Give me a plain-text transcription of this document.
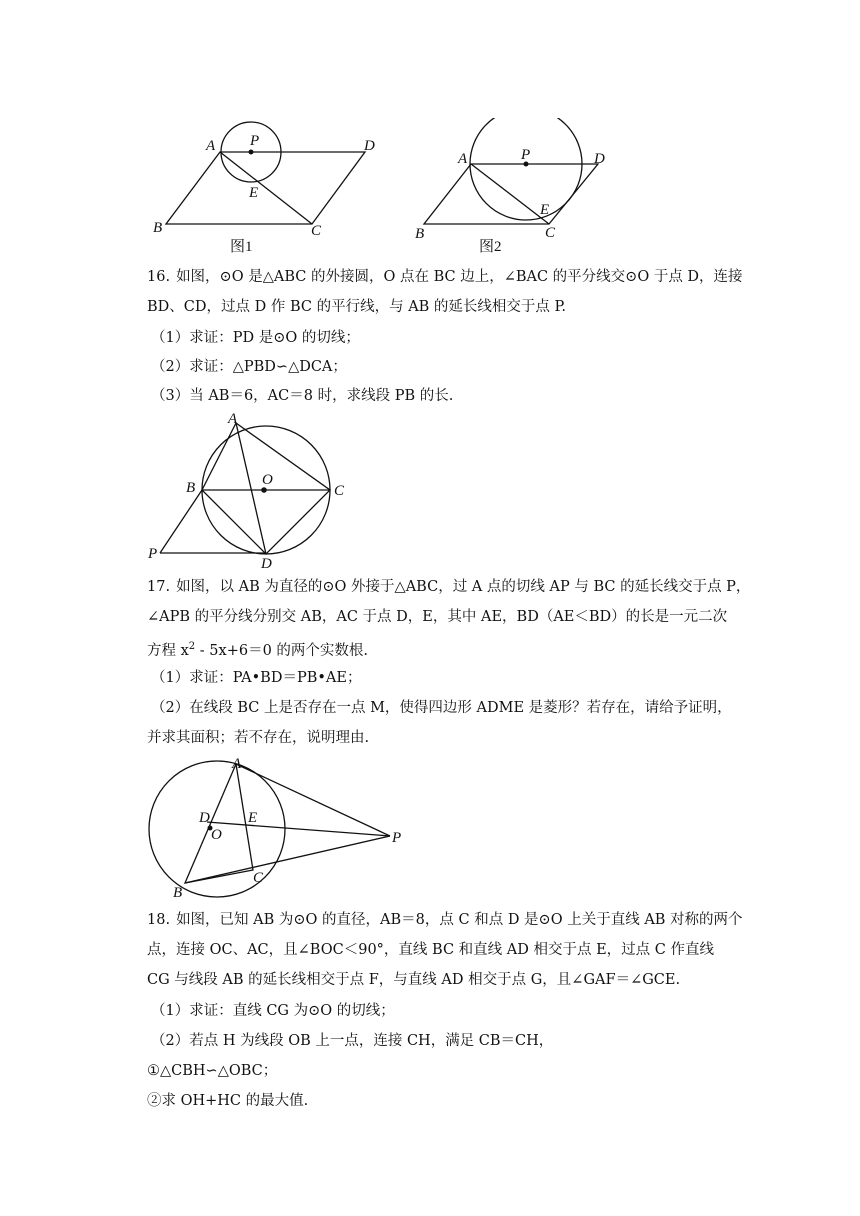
A P	D
E
B	C
图1
A	P	D
E
B	C
图2
16. 如图，⊙O 是△ABC 的外接圆，O 点在 BC 边上，∠BAC 的平分线交⊙O 于点 D，连接
BD、CD，过点 D 作 BC 的平行线，与 AB 的延长线相交于点 P.
（1）求证：PD 是⊙O 的切线；
（2）求证：△PBD∽△DCA；
（3）当 AB＝6，AC＝8 时，求线段 PB 的长.
A
B	O
C
P
D
17. 如图，以 AB 为直径的⊙O 外接于△ABC，过 A 点的切线 AP 与 BC 的延长线交于点 P，
∠APB 的平分线分别交 AB，AC 于点 D，E，其中 AE，BD（AE＜BD）的长是一元二次
方程 $x^2 - 5x+6=0$ 的两个实数根.
（1）求证：PA•BD＝PB•AE；
（2）在线段 BC 上是否存在一点 M，使得四边形 ADME 是菱形？若存在，请给予证明，
并求其面积；若不存在，说明理由.
A
D
O
E
P
B
C
18. 如图，已知 AB 为⊙O 的直径，AB＝8，点 C 和点 D 是⊙O 上关于直线 AB 对称的两个
点，连接 OC、AC，且∠BOC＜90°，直线 BC 和直线 AD 相交于点 E，过点 C 作直线
CG 与线段 AB 的延长线相交于点 F，与直线 AD 相交于点 G，且∠GAF＝∠GCE.
（1）求证：直线 CG 为⊙O 的切线；
（2）若点 H 为线段 OB 上一点，连接 CH，满足 CB＝CH，
①△CBH∽△OBC；
②求 OH+HC 的最大值.
